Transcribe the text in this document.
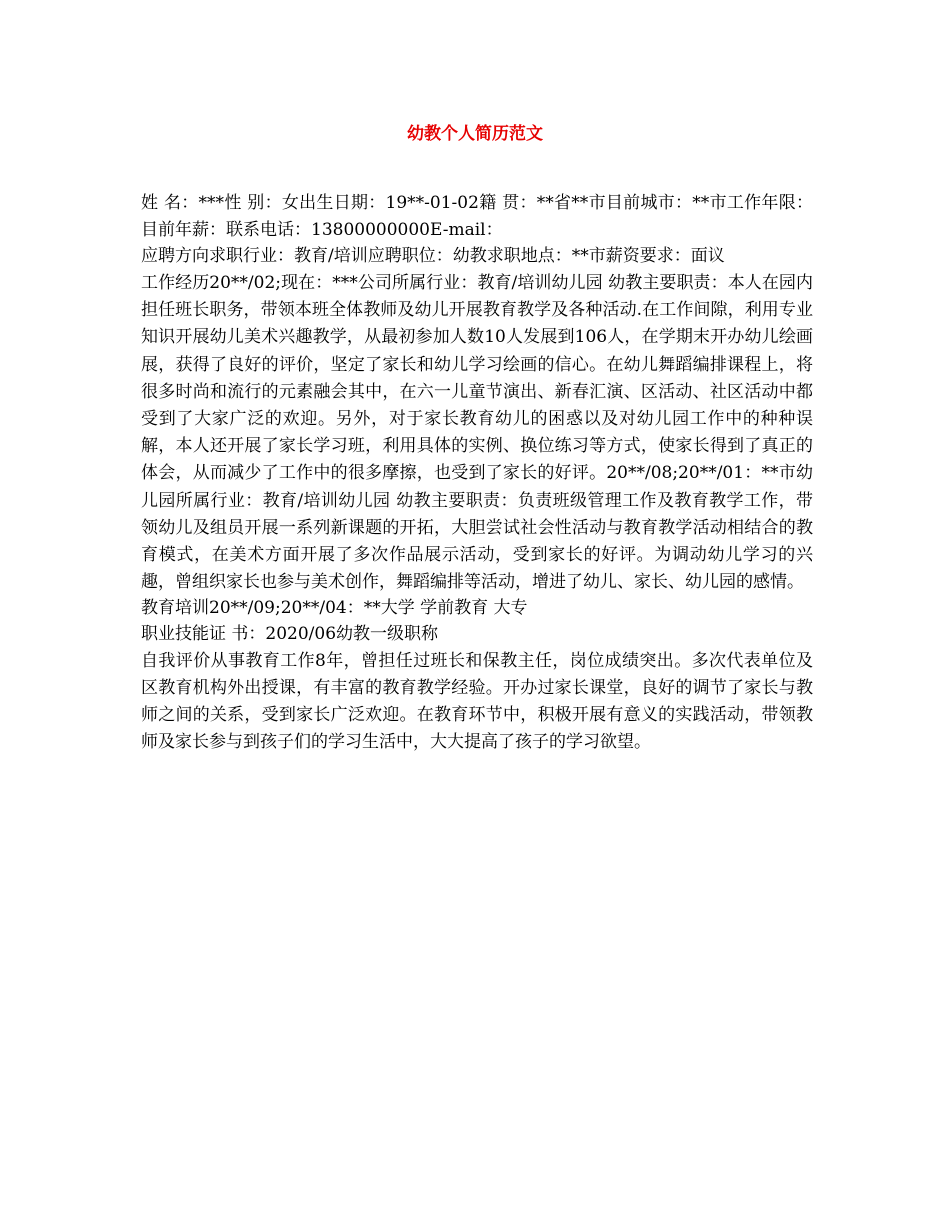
幼教个人简历范文

姓 名：***性 别：女出生日期：19**-01-02籍 贯：**省**市目前城市：**市工作年限： 目前年薪：联系电话：13800000000E-mail：

应聘方向求职行业：教育/培训应聘职位：幼教求职地点：**市薪资要求：面议

工作经历20**/02;现在：***公司所属行业：教育/培训幼儿园 幼教主要职责：本人在园内担任班长职务，带领本班全体教师及幼儿开展教育教学及各种活动.在工作间隙，利用专业知识开展幼儿美术兴趣教学，从最初参加人数10人发展到106人，在学期末开办幼儿绘画展，获得了良好的评价，坚定了家长和幼儿学习绘画的信心。在幼儿舞蹈编排课程上，将很多时尚和流行的元素融会其中，在六一儿童节演出、新春汇演、区活动、社区活动中都受到了大家广泛的欢迎。另外，对于家长教育幼儿的困惑以及对幼儿园工作中的种种误解，本人还开展了家长学习班，利用具体的实例、换位练习等方式，使家长得到了真正的体会，从而减少了工作中的很多摩擦，也受到了家长的好评。20**/08;20**/01：**市幼儿园所属行业：教育/培训幼儿园 幼教主要职责：负责班级管理工作及教育教学工作，带领幼儿及组员开展一系列新课题的开拓，大胆尝试社会性活动与教育教学活动相结合的教育模式，在美术方面开展了多次作品展示活动，受到家长的好评。为调动幼儿学习的兴趣，曾组织家长也参与美术创作，舞蹈编排等活动，增进了幼儿、家长、幼儿园的感情。

教育培训20**/09;20**/04：**大学 学前教育 大专

职业技能证 书：2020/06幼教一级职称

自我评价从事教育工作8年，曾担任过班长和保教主任，岗位成绩突出。多次代表单位及区教育机构外出授课，有丰富的教育教学经验。开办过家长课堂，良好的调节了家长与教师之间的关系，受到家长广泛欢迎。在教育环节中，积极开展有意义的实践活动，带领教师及家长参与到孩子们的学习生活中，大大提高了孩子的学习欲望。
